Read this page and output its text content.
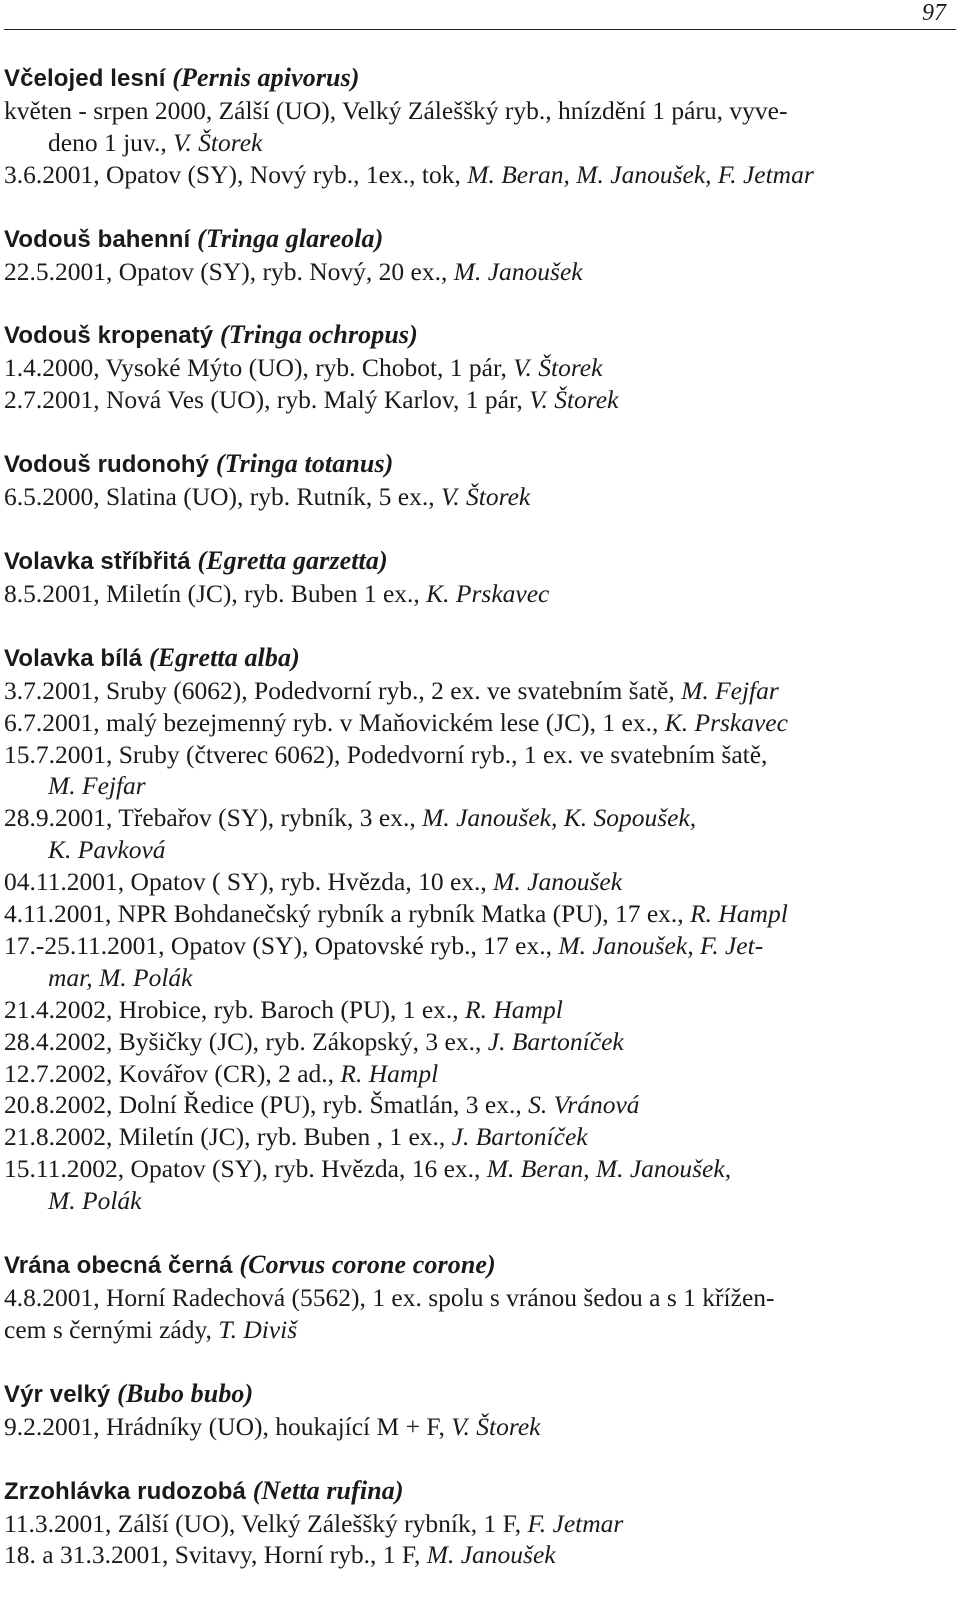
97
Včelojed lesní (Pernis apivorus)
květen - srpen 2000, Zálší (UO), Velký Záleššký ryb., hnízdění 1 páru, vyve-
deno 1 juv., V. Štorek
3.6.2001, Opatov (SY), Nový ryb., 1ex., tok, M. Beran, M. Janoušek, F. Jetmar
Vodouš bahenní (Tringa glareola)
22.5.2001, Opatov (SY), ryb. Nový, 20 ex., M. Janoušek
Vodouš kropenatý (Tringa ochropus)
1.4.2000, Vysoké Mýto (UO), ryb. Chobot, 1 pár, V. Štorek
2.7.2001, Nová Ves (UO), ryb. Malý Karlov, 1 pár, V. Štorek
Vodouš rudonohý (Tringa totanus)
6.5.2000, Slatina (UO), ryb. Rutník, 5 ex., V. Štorek
Volavka stříbřitá (Egretta garzetta)
8.5.2001, Miletín (JC), ryb. Buben 1 ex., K. Prskavec
Volavka bílá (Egretta alba)
3.7.2001, Sruby (6062), Podedvorní ryb., 2 ex. ve svatebním šatě, M. Fejfar
6.7.2001, malý bezejmenný ryb. v Maňovickém lese (JC), 1 ex., K. Prskavec
15.7.2001, Sruby (čtverec 6062), Podedvorní ryb., 1 ex. ve svatebním šatě,
M. Fejfar
28.9.2001, Třebařov (SY), rybník, 3 ex., M. Janoušek, K. Sopoušek,
K. Pavková
04.11.2001, Opatov ( SY), ryb. Hvězda, 10 ex., M. Janoušek
4.11.2001, NPR Bohdanečský rybník a rybník Matka (PU), 17 ex., R. Hampl
17.-25.11.2001, Opatov (SY), Opatovské ryb., 17 ex., M. Janoušek, F. Jet-
mar, M. Polák
21.4.2002, Hrobice, ryb. Baroch (PU), 1 ex., R. Hampl
28.4.2002, Byšičky (JC), ryb. Zákopský, 3 ex., J. Bartoníček
12.7.2002, Kovářov (CR), 2 ad., R. Hampl
20.8.2002, Dolní Ředice (PU), ryb. Šmatlán, 3 ex., S. Vránová
21.8.2002, Miletín (JC), ryb. Buben , 1 ex., J. Bartoníček
15.11.2002, Opatov (SY), ryb. Hvězda, 16 ex., M. Beran, M. Janoušek,
M. Polák
Vrána obecná černá (Corvus corone corone)
4.8.2001, Horní Radechová (5562), 1 ex. spolu s vránou šedou a s 1 křížen-
cem s černými zády, T. Diviš
Výr velký (Bubo bubo)
9.2.2001, Hrádníky (UO), houkající M + F, V. Štorek
Zrzohlávka rudozobá (Netta rufina)
11.3.2001, Zálší (UO), Velký Záleššký rybník, 1 F, F. Jetmar
18. a 31.3.2001, Svitavy, Horní ryb., 1 F, M. Janoušek
